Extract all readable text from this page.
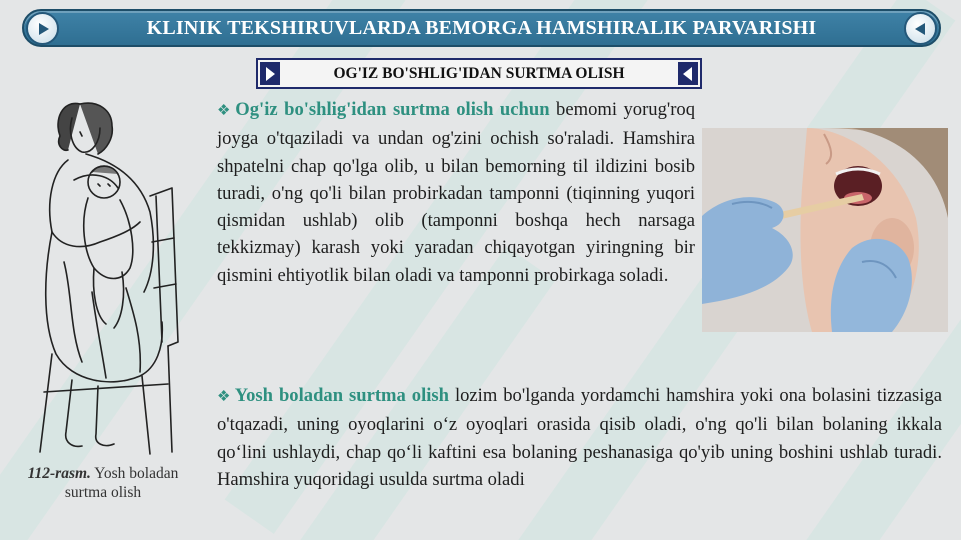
KLINIK TEKSHIRUVLARDA BEMORGA HAMSHIRALIK PARVARISHI
OG'IZ BO'SHLIG'IDAN SURTMA OLISH
112-rasm. Yosh boladan surtma olish
❖ Og'iz bo'shlig'idan surtma olish uchun bemomi yorug'roq joyga o'tqaziladi va undan og'zini ochish so'raladi. Hamshira shpatelni chap qo'lga olib, u bilan bemorning til ildizini bosib turadi, o'ng qo'li bilan probirkadan tamponni (tiqinning yuqori qismidan ushlab) olib (tamponni boshqa hech narsaga tekkizmay) karash yoki yaradan chiqayotgan yiringning bir qismini ehtiyotlik bilan oladi va tamponni probirkaga soladi.
❖ Yosh boladan surtma olish lozim bo'lganda yordamchi hamshira yoki ona bolasini tizzasiga o'tqazadi, uning oyoqlarini o‘z oyoqlari orasida qisib oladi, o'ng qo'li bilan bolaning ikkala qo‘lini ushlaydi, chap qo‘li kaftini esa bolaning peshanasiga qo'yib uning boshini ushlab turadi. Hamshira yuqoridagi usulda surtma oladi
